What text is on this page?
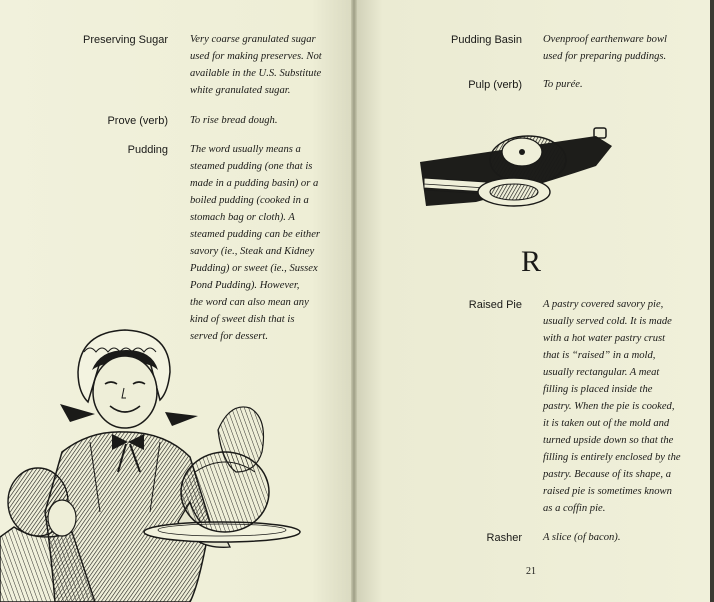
Preserving Sugar Very coarse granulated sugar
used for making preserves. Not
available in the U.S. Substitute
white granulated sugar.
Prove (verb) To rise bread dough.
Pudding The word usually means a
steamed pudding (one that is
made in a pudding basin) or a
boiled pudding (cooked in a
stomach bag or cloth). A
steamed pudding can be either
savory (ie., Steak and Kidney
Pudding) or sweet (ie., Sussex
Pond Pudding). However,
the word can also mean any
kind of sweet dish that is
served for dessert.
Pudding Basin Ovenproof earthenware bowl
used for preparing puddings.
Pulp (verb) To purée.
R
Raised Pie A pastry covered savory pie,
usually served cold. It is made
with a hot water pastry crust
that is “raised” in a mold,
usually rectangular. A meat
filling is placed inside the
pastry. When the pie is cooked,
it is taken out of the mold and
turned upside down so that the
filling is entirely enclosed by the
pastry. Because of its shape, a
raised pie is sometimes known
as a coffin pie.
Rasher A slice (of bacon).
21
